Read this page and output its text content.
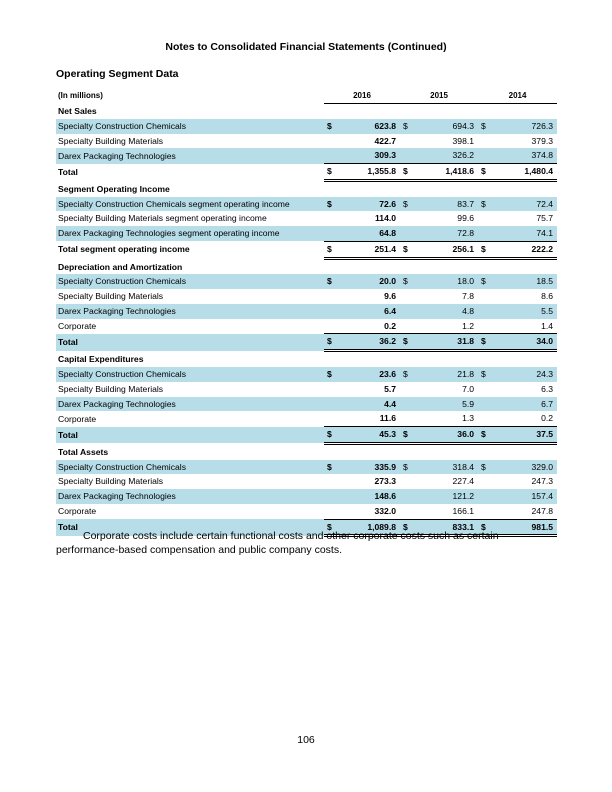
Notes to Consolidated Financial Statements (Continued)
Operating Segment Data
(In millions)	2016		2015		2014	
Net Sales						
Specialty Construction Chemicals	$	623.8	$	694.3	$	726.3
Specialty Building Materials		422.7		398.1		379.3
Darex Packaging Technologies		309.3		326.2		374.8
Total	$	1,355.8	$	1,418.6	$	1,480.4
Segment Operating Income						
Specialty Construction Chemicals segment operating income	$	72.6	$	83.7	$	72.4
Specialty Building Materials segment operating income		114.0		99.6		75.7
Darex Packaging Technologies segment operating income		64.8		72.8		74.1
Total segment operating income	$	251.4	$	256.1	$	222.2
Depreciation and Amortization						
Specialty Construction Chemicals	$	20.0	$	18.0	$	18.5
Specialty Building Materials		9.6		7.8		8.6
Darex Packaging Technologies		6.4		4.8		5.5
Corporate		0.2		1.2		1.4
Total	$	36.2	$	31.8	$	34.0
Capital Expenditures						
Specialty Construction Chemicals	$	23.6	$	21.8	$	24.3
Specialty Building Materials		5.7		7.0		6.3
Darex Packaging Technologies		4.4		5.9		6.7
Corporate		11.6		1.3		0.2
Total	$	45.3	$	36.0	$	37.5
Total Assets						
Specialty Construction Chemicals	$	335.9	$	318.4	$	329.0
Specialty Building Materials		273.3		227.4		247.3
Darex Packaging Technologies		148.6		121.2		157.4
Corporate		332.0		166.1		247.8
Total	$	1,089.8	$	833.1	$	981.5
Corporate costs include certain functional costs and other corporate costs such as certain performance-based compensation and public company costs.
106
